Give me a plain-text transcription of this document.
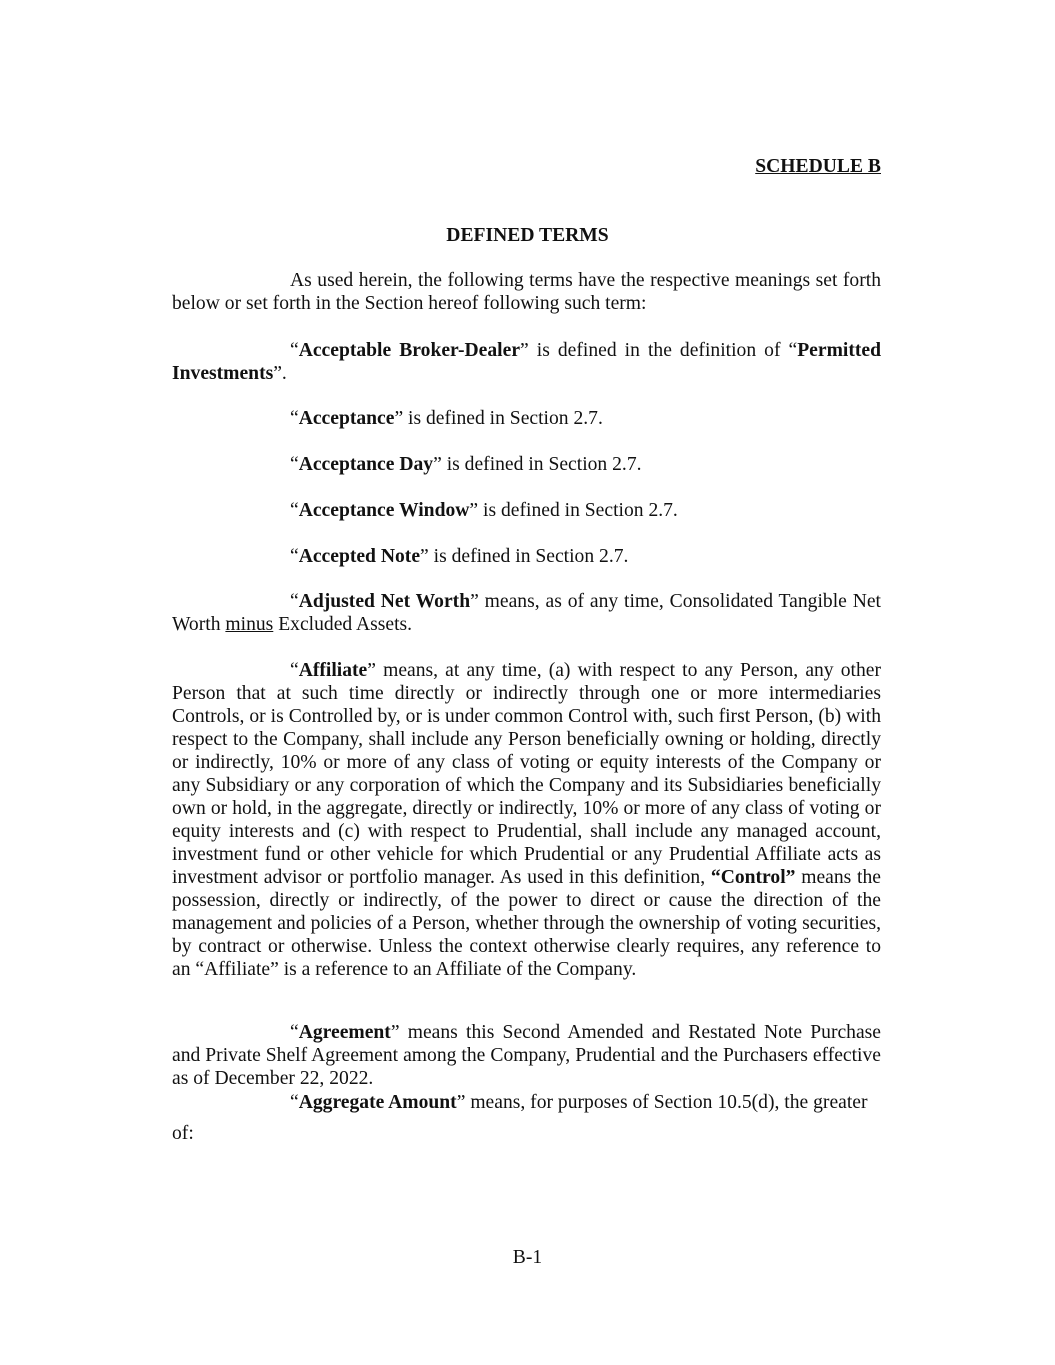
SCHEDULE B

DEFINED TERMS

As used herein, the following terms have the respective meanings set forth below or set forth in the Section hereof following such term:

“Acceptable Broker-Dealer” is defined in the definition of “Permitted Investments”.

“Acceptance” is defined in Section 2.7.

“Acceptance Day” is defined in Section 2.7.

“Acceptance Window” is defined in Section 2.7.

“Accepted Note” is defined in Section 2.7.

“Adjusted Net Worth” means, as of any time, Consolidated Tangible Net Worth minus Excluded Assets.

“Affiliate” means, at any time, (a) with respect to any Person, any other Person that at such time directly or indirectly through one or more intermediaries Controls, or is Controlled by, or is under common Control with, such first Person, (b) with respect to the Company, shall include any Person beneficially owning or holding, directly or indirectly, 10% or more of any class of voting or equity interests of the Company or any Subsidiary or any corporation of which the Company and its Subsidiaries beneficially own or hold, in the aggregate, directly or indirectly, 10% or more of any class of voting or equity interests and (c) with respect to Prudential, shall include any managed account, investment fund or other vehicle for which Prudential or any Prudential Affiliate acts as investment advisor or portfolio manager. As used in this definition, “Control” means the possession, directly or indirectly, of the power to direct or cause the direction of the management and policies of a Person, whether through the ownership of voting securities, by contract or otherwise. Unless the context otherwise clearly requires, any reference to an “Affiliate” is a reference to an Affiliate of the Company.

“Agreement” means this Second Amended and Restated Note Purchase and Private Shelf Agreement among the Company, Prudential and the Purchasers effective as of December 22, 2022.

“Aggregate Amount” means, for purposes of Section 10.5(d), the greater

of:

B-1
